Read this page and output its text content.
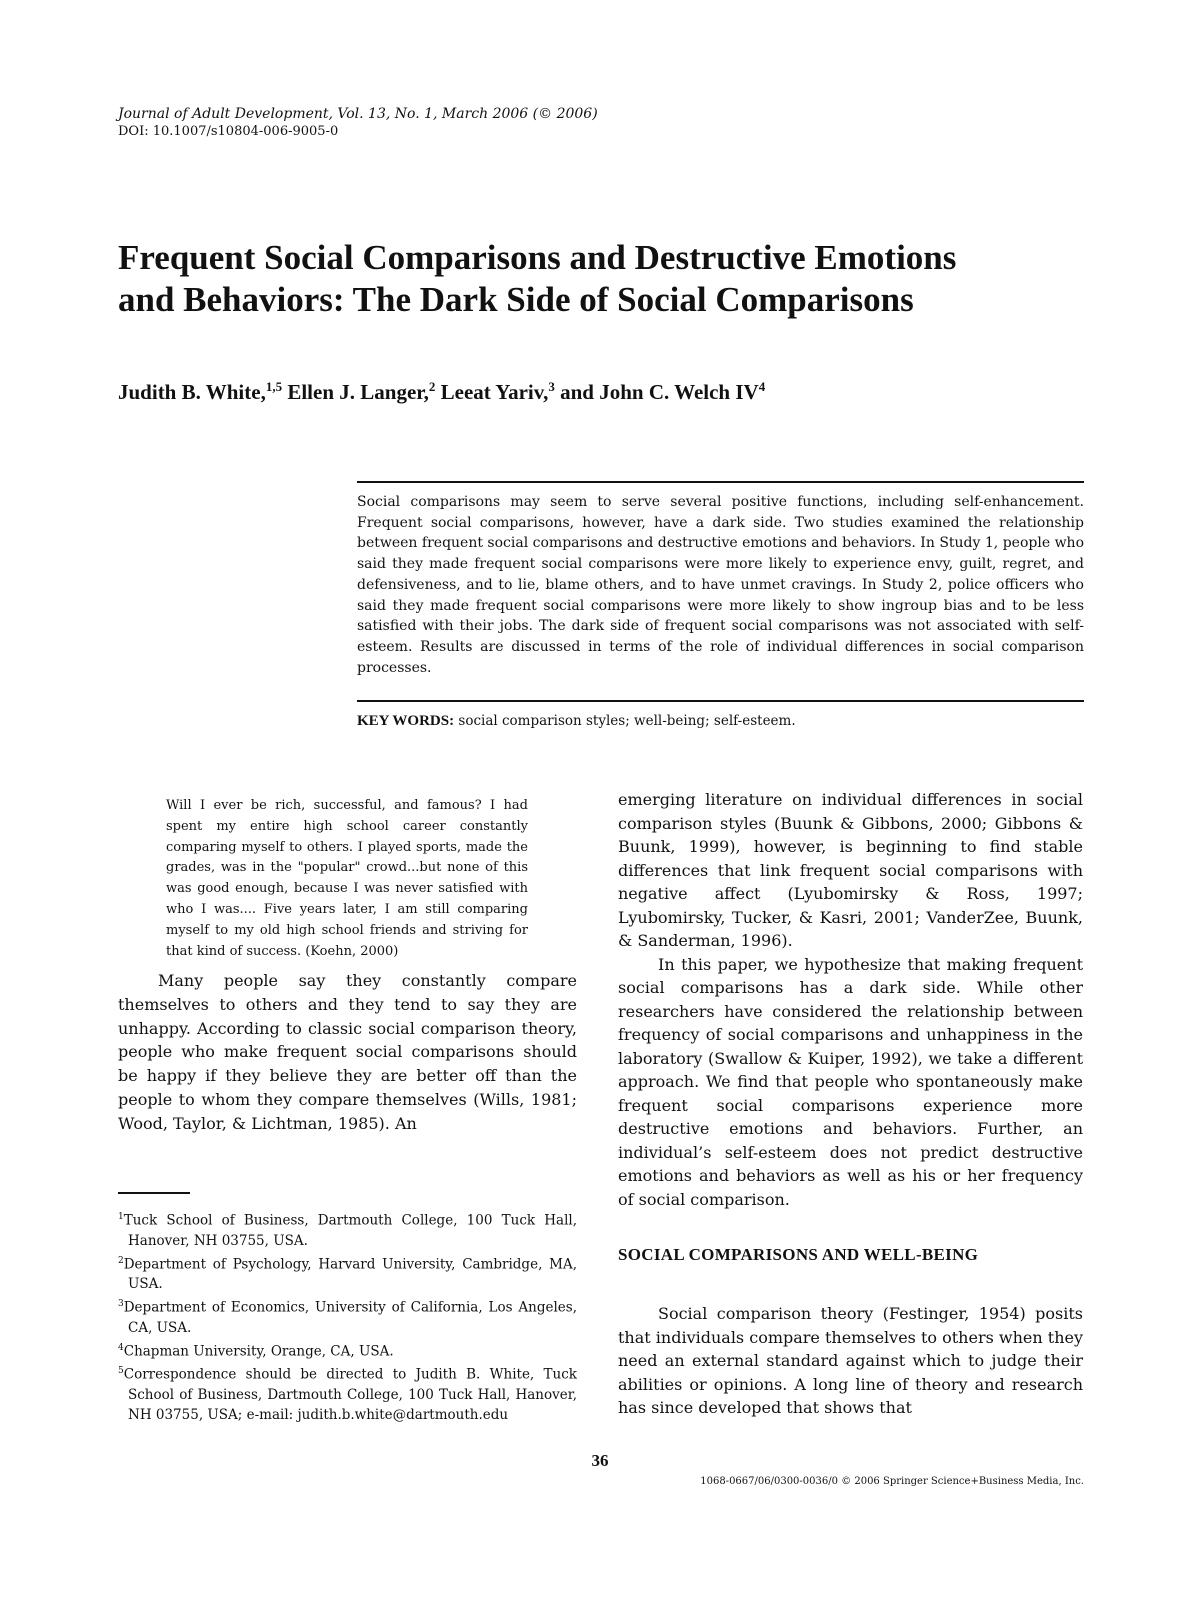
Journal of Adult Development, Vol. 13, No. 1, March 2006 (© 2006)
DOI: 10.1007/s10804-006-9005-0
Frequent Social Comparisons and Destructive Emotions
and Behaviors: The Dark Side of Social Comparisons
Judith B. White,$^{1,5}$ Ellen J. Langer,$^2$ Leeat Yariv,$^3$ and John C. Welch $IV^4$
Social comparisons may seem to serve several positive functions, including self-enhancement. Frequent social comparisons, however, have a dark side. Two studies examined the relationship between frequent social comparisons and destructive emotions and behaviors. In Study 1, people who said they made frequent social comparisons were more likely to experience envy, guilt, regret, and defensiveness, and to lie, blame others, and to have unmet cravings. In Study 2, police officers who said they made frequent social comparisons were more likely to show ingroup bias and to be less satisfied with their jobs. The dark side of frequent social comparisons was not associated with self-esteem. Results are discussed in terms of the role of individual differences in social comparison processes.
KEY WORDS: social comparison styles; well-being; self-esteem.
Will I ever be rich, successful, and famous? I had spent my entire high school career constantly comparing myself to others. I played sports, made the grades, was in the "popular" crowd...but none of this was good enough, because I was never satisfied with who I was.... Five years later, I am still comparing myself to my old high school friends and striving for that kind of success. (Koehn, 2000)

Many people say they constantly compare themselves to others and they tend to say they are unhappy. According to classic social comparison theory, people who make frequent social comparisons should be happy if they believe they are better off than the people to whom they compare themselves (Wills, 1981; Wood, Taylor, & Lichtman, 1985). An

$^1$Tuck School of Business, Dartmouth College, 100 Tuck Hall, Hanover, NH 03755, USA.

$^2$Department of Psychology, Harvard University, Cambridge, MA, USA.

$^3$Department of Economics, University of California, Los Angeles, CA, USA.

$^4$Chapman University, Orange, CA, USA.

$^5$Correspondence should be directed to Judith B. White, Tuck School of Business, Dartmouth College, 100 Tuck Hall, Hanover, NH 03755, USA; e-mail: judith.b.white@dartmouth.edu

emerging literature on individual differences in social comparison styles (Buunk & Gibbons, 2000; Gibbons & Buunk, 1999), however, is beginning to find stable differences that link frequent social comparisons with negative affect (Lyubomirsky & Ross, 1997; Lyubomirsky, Tucker, & Kasri, 2001; VanderZee, Buunk, & Sanderman, 1996).

In this paper, we hypothesize that making frequent social comparisons has a dark side. While other researchers have considered the relationship between frequency of social comparisons and unhappiness in the laboratory (Swallow & Kuiper, 1992), we take a different approach. We find that people who spontaneously make frequent social comparisons experience more destructive emotions and behaviors. Further, an individual’s self-esteem does not predict destructive emotions and behaviors as well as his or her frequency of social comparison.

SOCIAL COMPARISONS AND WELL-BEING

Social comparison theory (Festinger, 1954) posits that individuals compare themselves to others when they need an external standard against which to judge their abilities or opinions. A long line of theory and research has since developed that shows that

36
1068-0667/06/0300-0036/0 © 2006 Springer Science+Business Media, Inc.
